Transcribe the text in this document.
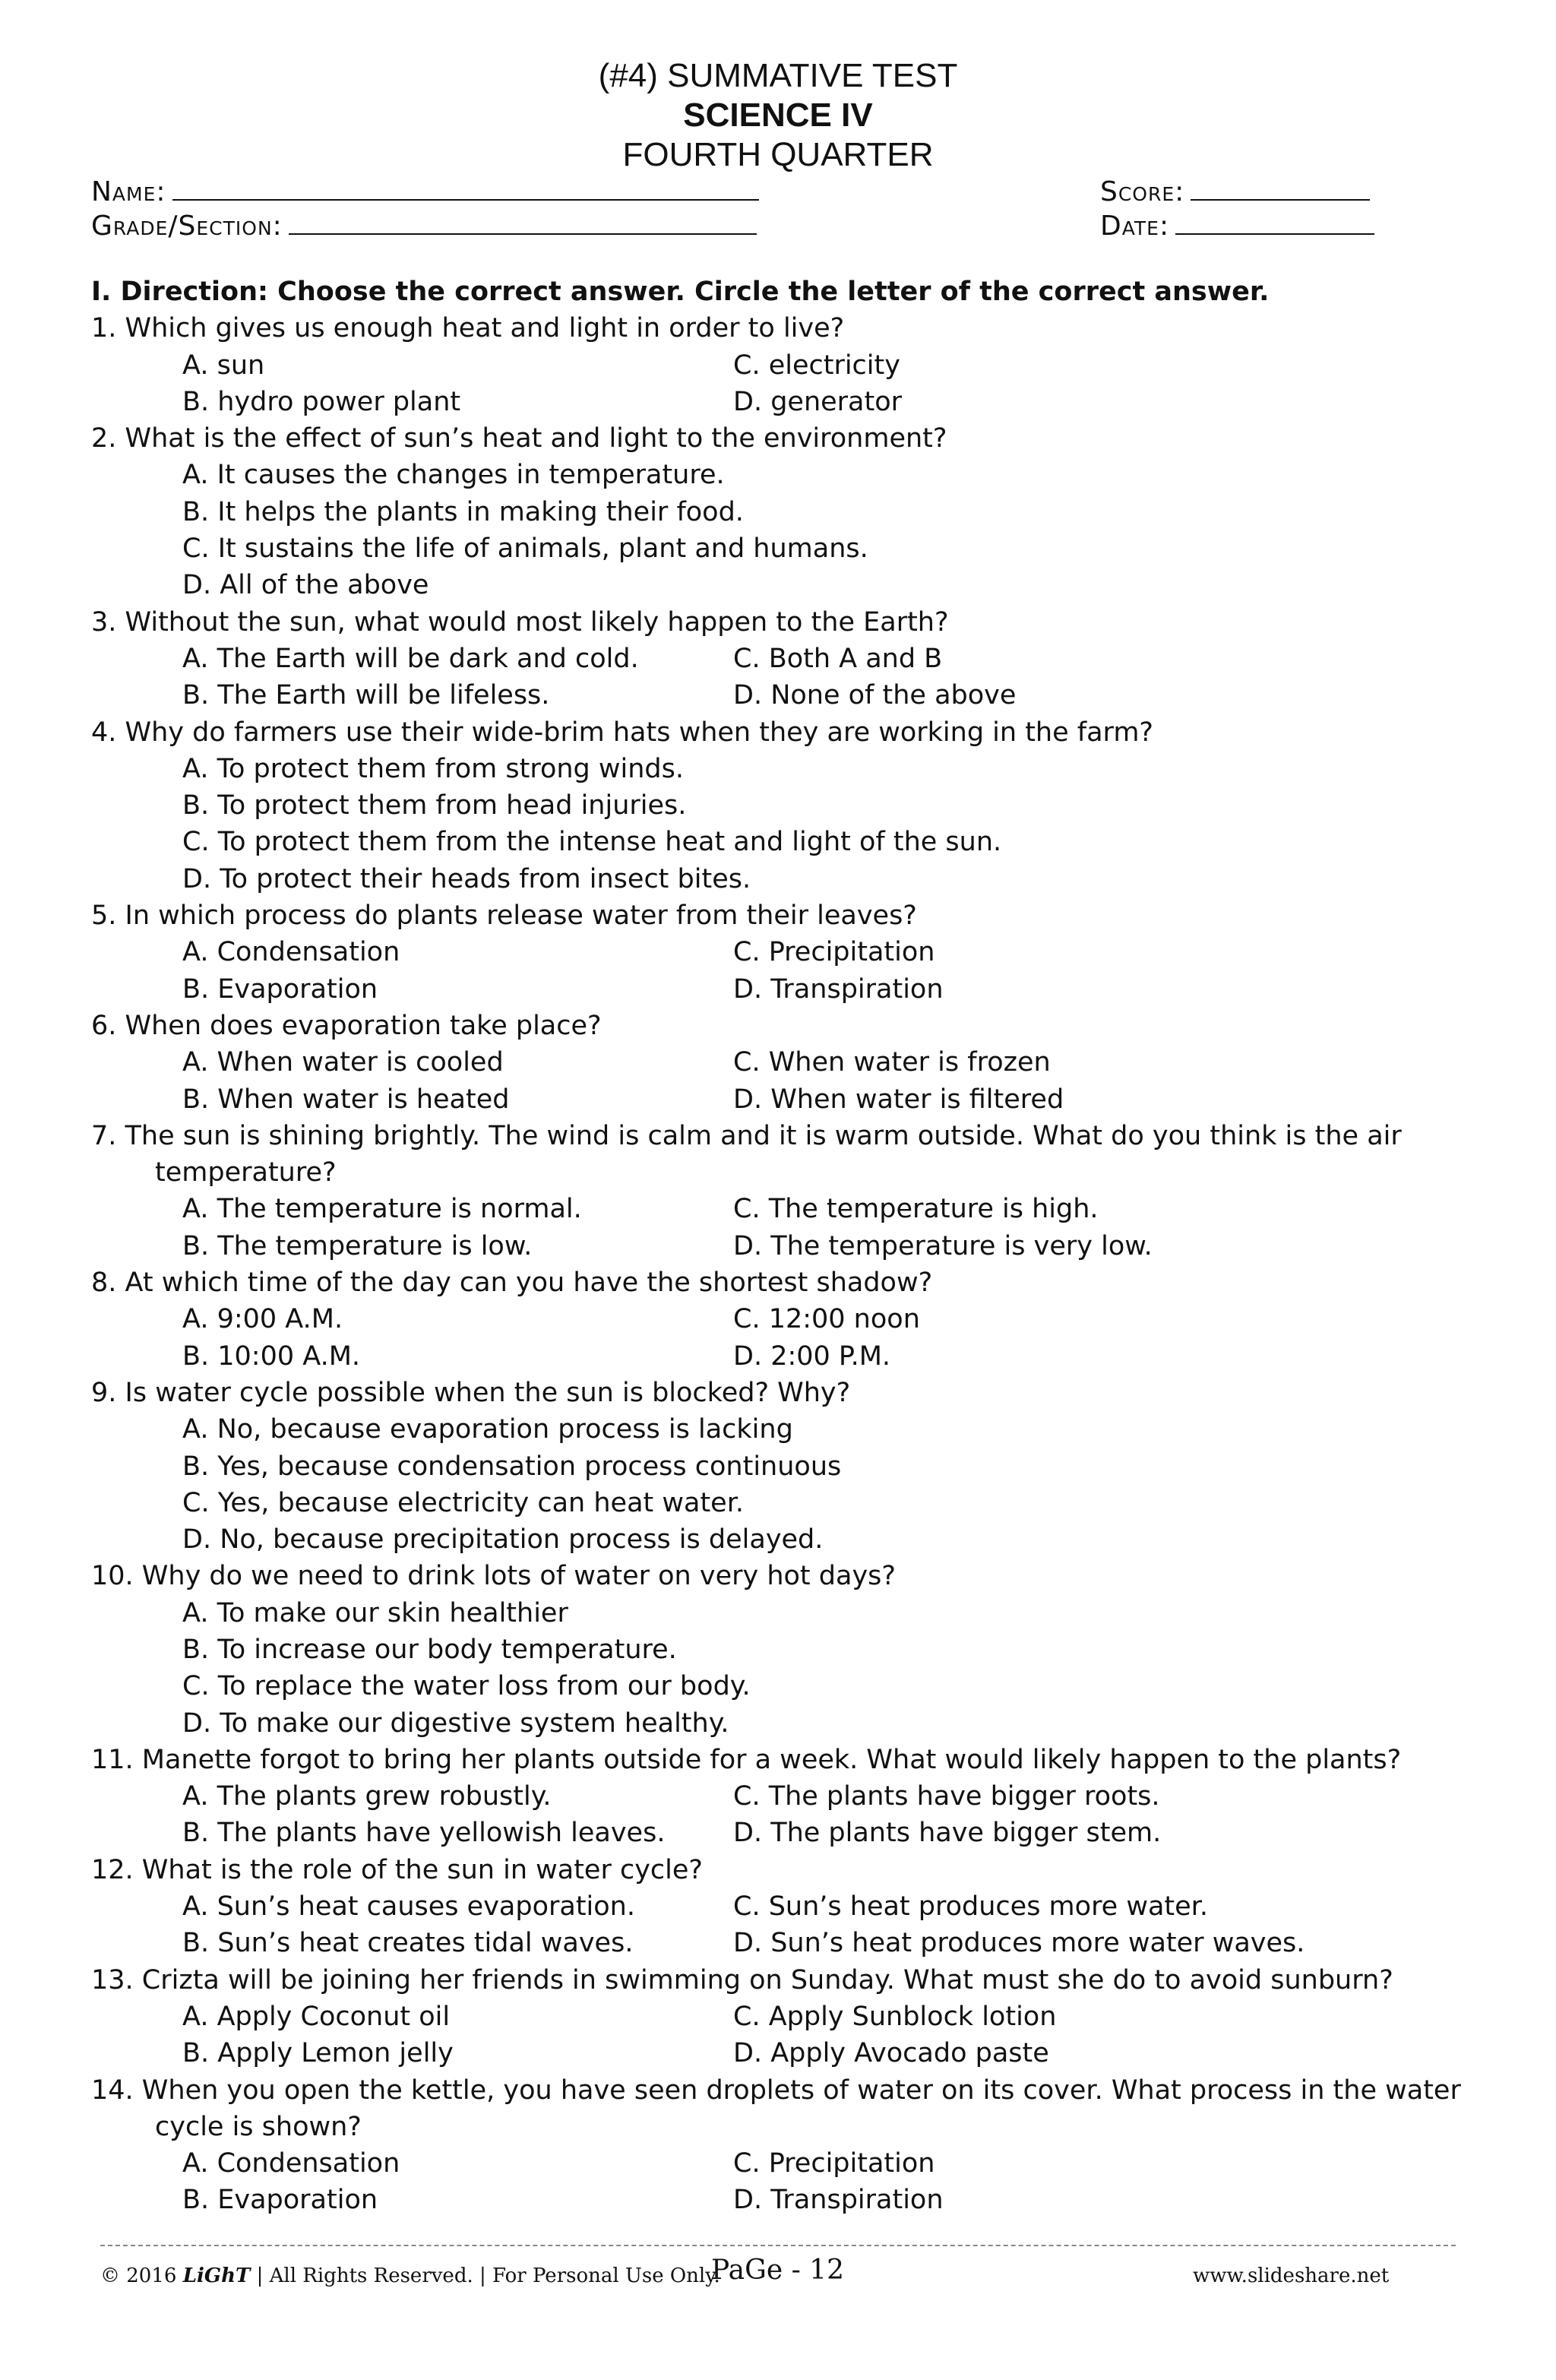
(#4) SUMMATIVE TEST
SCIENCE IV
FOURTH QUARTER
Name:
Grade/Section:
Score:
Date:
I. Direction: Choose the correct answer. Circle the letter of the correct answer.
1. Which gives us enough heat and light in order to live?
A. sun	C. electricity
B. hydro power plant	D. generator
2. What is the effect of sun’s heat and light to the environment?
A. It causes the changes in temperature.
B. It helps the plants in making their food.
C. It sustains the life of animals, plant and humans.
D. All of the above
3. Without the sun, what would most likely happen to the Earth?
A. The Earth will be dark and cold.	C. Both A and B
B. The Earth will be lifeless.	D. None of the above
4. Why do farmers use their wide-brim hats when they are working in the farm?
A. To protect them from strong winds.
B. To protect them from head injuries.
C. To protect them from the intense heat and light of the sun.
D. To protect their heads from insect bites.
5. In which process do plants release water from their leaves?
A. Condensation	C. Precipitation
B. Evaporation	D. Transpiration
6. When does evaporation take place?
A. When water is cooled	C. When water is frozen
B. When water is heated	D. When water is filtered
7. The sun is shining brightly. The wind is calm and it is warm outside. What do you think is the air temperature?
A. The temperature is normal.	C. The temperature is high.
B. The temperature is low.	D. The temperature is very low.
8. At which time of the day can you have the shortest shadow?
A. 9:00 A.M.	C. 12:00 noon
B. 10:00 A.M.	D. 2:00 P.M.
9. Is water cycle possible when the sun is blocked? Why?
A. No, because evaporation process is lacking
B. Yes, because condensation process continuous
C. Yes, because electricity can heat water.
D. No, because precipitation process is delayed.
10. Why do we need to drink lots of water on very hot days?
A. To make our skin healthier
B. To increase our body temperature.
C. To replace the water loss from our body.
D. To make our digestive system healthy.
11. Manette forgot to bring her plants outside for a week. What would likely happen to the plants?
A. The plants grew robustly.	C. The plants have bigger roots.
B. The plants have yellowish leaves.	D. The plants have bigger stem.
12. What is the role of the sun in water cycle?
A. Sun’s heat causes evaporation.	C. Sun’s heat produces more water.
B. Sun’s heat creates tidal waves.	D. Sun’s heat produces more water waves.
13. Crizta will be joining her friends in swimming on Sunday. What must she do to avoid sunburn?
A. Apply Coconut oil	C. Apply Sunblock lotion
B. Apply Lemon jelly	D. Apply Avocado paste
14. When you open the kettle, you have seen droplets of water on its cover. What process in the water cycle is shown?
A. Condensation	C. Precipitation
B. Evaporation	D. Transpiration
© 2016 LiGhT | All Rights Reserved. | For Personal Use Only.
PaGe - 12	www.slideshare.net
